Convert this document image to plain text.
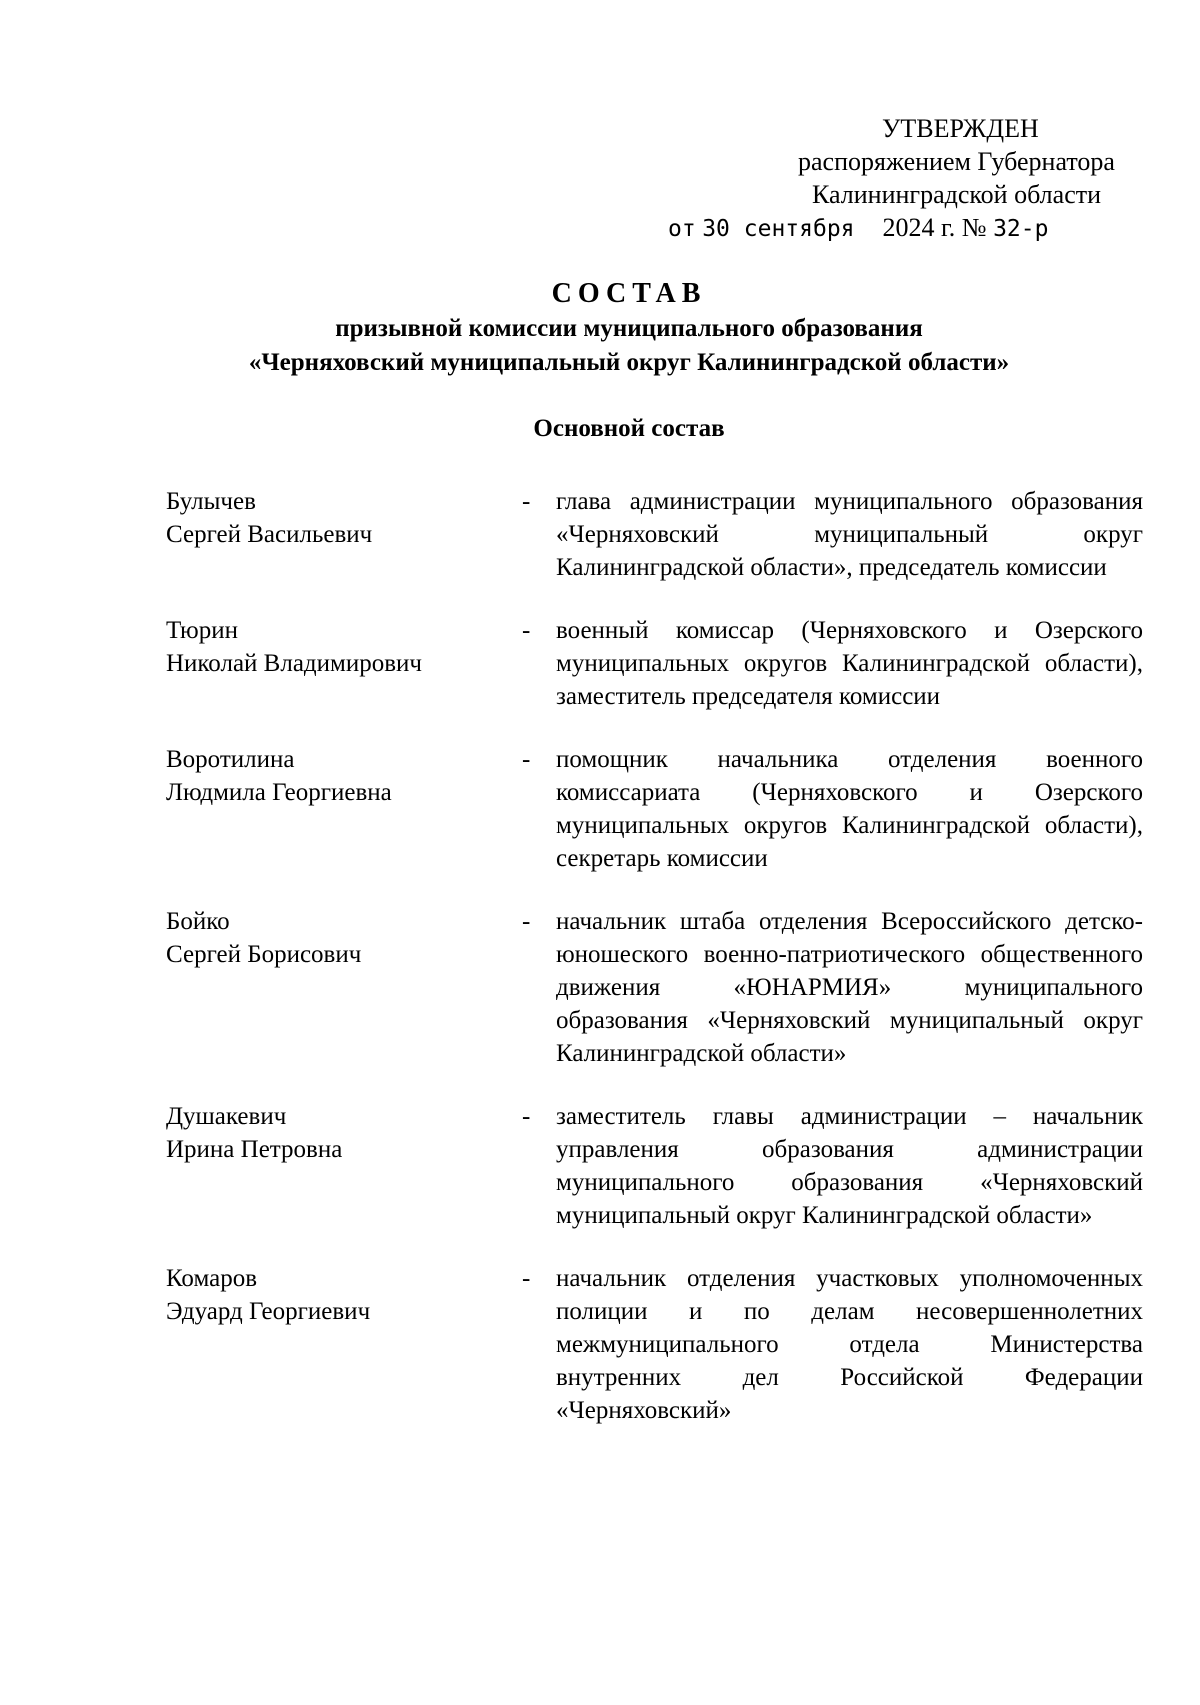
УТВЕРЖДЕН
распоряжением Губернатора
Калининградской области
от 30 сентября 2024 г. № 32-р
СОСТАВ
призывной комиссии муниципального образования
«Черняховский муниципальный округ Калининградской области»
Основной состав
Булычев
Сергей Васильевич
- глава администрации муниципального образования «Черняховский муниципальный округ Калининградской области», председатель комиссии
Тюрин
Николай Владимирович
- военный комиссар (Черняховского и Озерского муниципальных округов Калининградской области), заместитель председателя комиссии
Воротилина
Людмила Георгиевна
- помощник начальника отделения военного комиссариата (Черняховского и Озерского муниципальных округов Калининградской области), секретарь комиссии
Бойко
Сергей Борисович
- начальник штаба отделения Всероссийского детско-юношеского военно-патриотического общественного движения «ЮНАРМИЯ» муниципального образования «Черняховский муниципальный округ Калининградской области»
Душакевич
Ирина Петровна
- заместитель главы администрации – начальник управления образования администрации муниципального образования «Черняховский муниципальный округ Калининградской области»
Комаров
Эдуард Георгиевич
- начальник отделения участковых уполномоченных полиции и по делам несовершеннолетних межмуниципального отдела Министерства внутренних дел Российской Федерации «Черняховский»
